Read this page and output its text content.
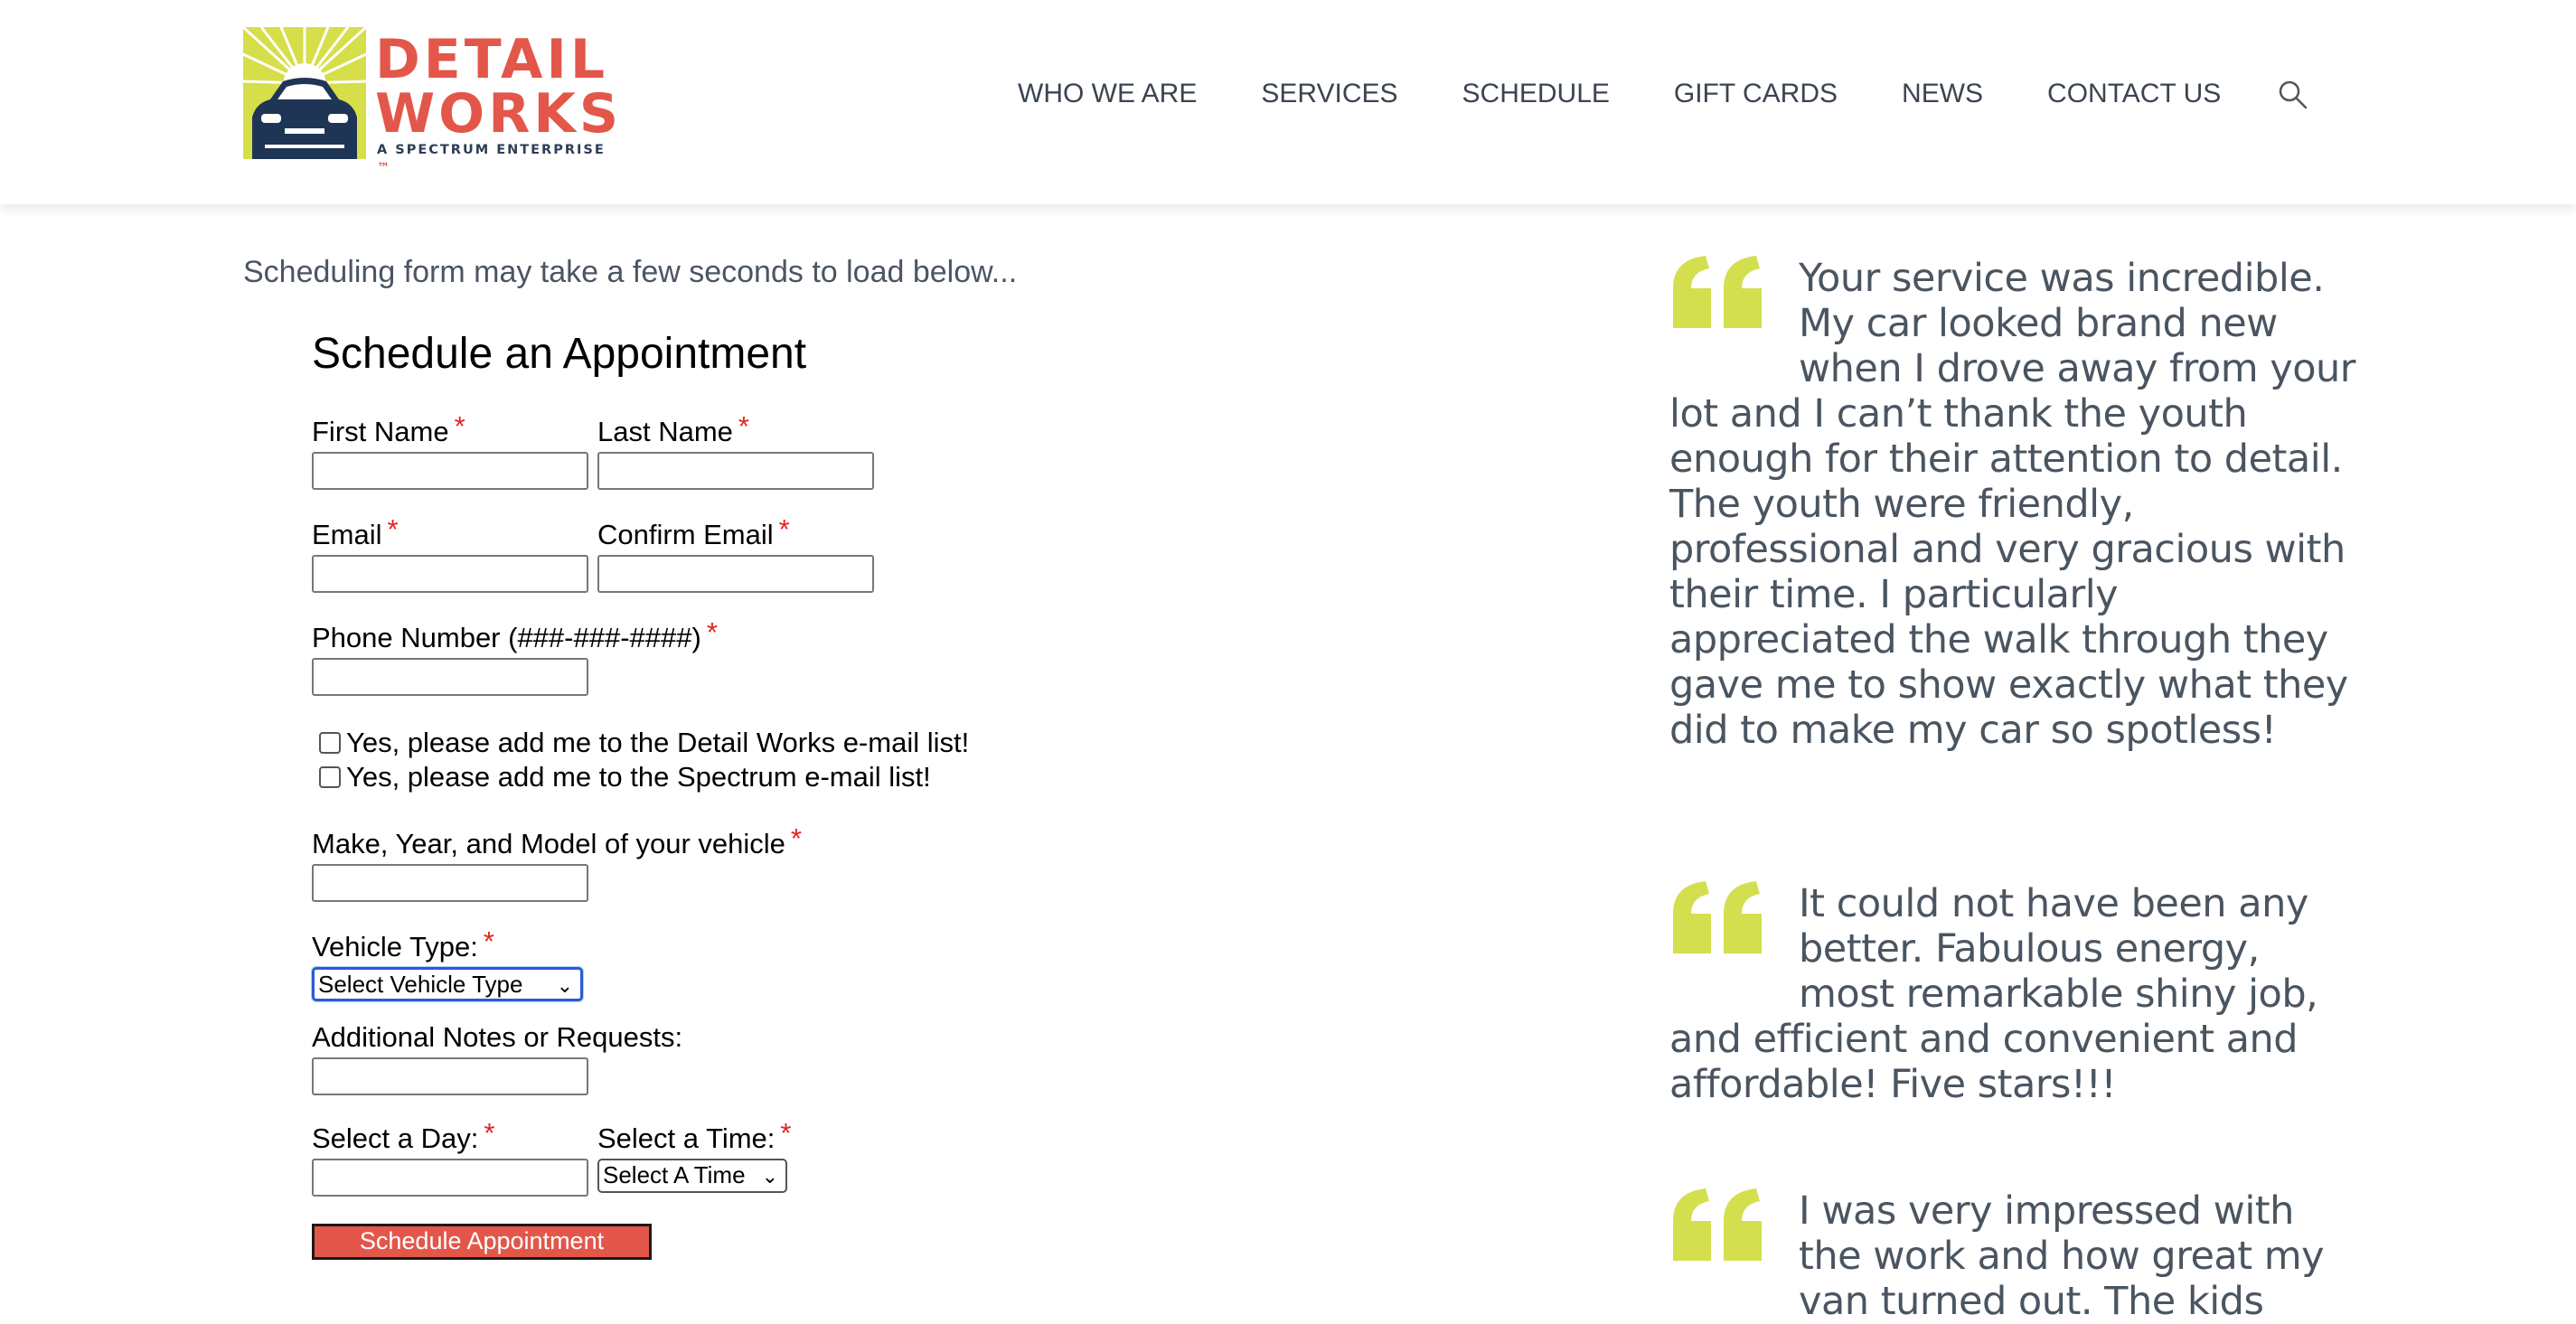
DETAIL
WORKS
™
A SPECTRUM ENTERPRISE
WHO WE ARE SERVICES SCHEDULE GIFT CARDS NEWS CONTACT US
Scheduling form may take a few seconds to load below...
Schedule an Appointment
First Name *	Last Name *
Email *	Confirm Email *
Phone Number (###-###-####) *
Yes, please add me to the Detail Works e-mail list!
Yes, please add me to the Spectrum e-mail list!
Make, Year, and Model of your vehicle *
Vehicle Type: *
Select Vehicle Type ⌄
Additional Notes or Requests:
Select a Day: *	Select a Time: *
Select A Time ⌄
Schedule Appointment

Your service was incredible. My car looked brand new when I drove away from your lot and I can’t thank the youth enough for their attention to detail. The youth were friendly, professional and very gracious with their time. I particularly appreciated the walk through they gave me to show exactly what they did to make my car so spotless!

It could not have been any better. Fabulous energy, most remarkable shiny job, and efficient and convenient and affordable! Five stars!!!

I was very impressed with the work and how great my van turned out. The kids
